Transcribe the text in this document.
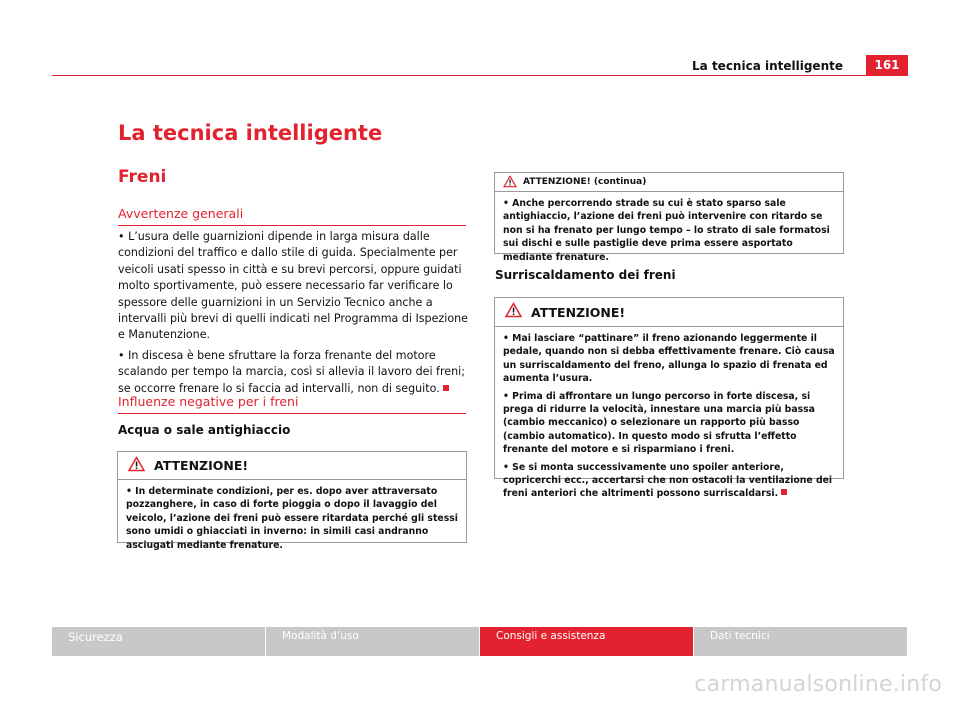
La tecnica intelligente	161
La tecnica intelligente
Freni
Avvertenze generali

• L’usura delle guarnizioni dipende in larga misura dalle condizioni del traffico e dallo stile di guida. Specialmente per veicoli usati spesso in città e su brevi percorsi, oppure guidati molto sportivamente, può essere necessario far verificare lo spessore delle guarnizioni in un Servizio Tecnico anche a intervalli più brevi di quelli indicati nel Programma di Ispezione e Manutenzione.

• In discesa è bene sfruttare la forza frenante del motore scalando per tempo la marcia, così si allevia il lavoro dei freni; se occorre frenare lo si faccia ad intervalli, non di seguito.

Influenze negative per i freni
Acqua o sale antighiaccio
ATTENZIONE!

• In determinate condizioni, per es. dopo aver attraversato pozzanghere, in caso di forte pioggia o dopo il lavaggio del veicolo, l’azione dei freni può essere ritardata perché gli stessi sono umidi o ghiacciati in inverno: in simili casi andranno asciugati mediante frenature.

ATTENZIONE! (continua)

• Anche percorrendo strade su cui è stato sparso sale antighiaccio, l’azione dei freni può intervenire con ritardo se non si ha frenato per lungo tempo – lo strato di sale formatosi sui dischi e sulle pastiglie deve prima essere asportato mediante frenature.

Surriscaldamento dei freni
ATTENZIONE!

• Mai lasciare “pattinare” il freno azionando leggermente il pedale, quando non si debba effettivamente frenare. Ciò causa un surriscaldamento del freno, allunga lo spazio di frenata ed aumenta l’usura.

• Prima di affrontare un lungo percorso in forte discesa, si prega di ridurre la velocità, innestare una marcia più bassa (cambio meccanico) o selezionare un rapporto più basso (cambio automatico). In questo modo si sfrutta l’effetto frenante del motore e si risparmiano i freni.

• Se si monta successivamente uno spoiler anteriore, copricerchi ecc., accertarsi che non ostacoli la ventilazione dei freni anteriori che altrimenti possono surriscaldarsi.

Sicurezza	Modalità d’uso	Consigli e assistenza	Dati tecnici
carmanualsonline.info
